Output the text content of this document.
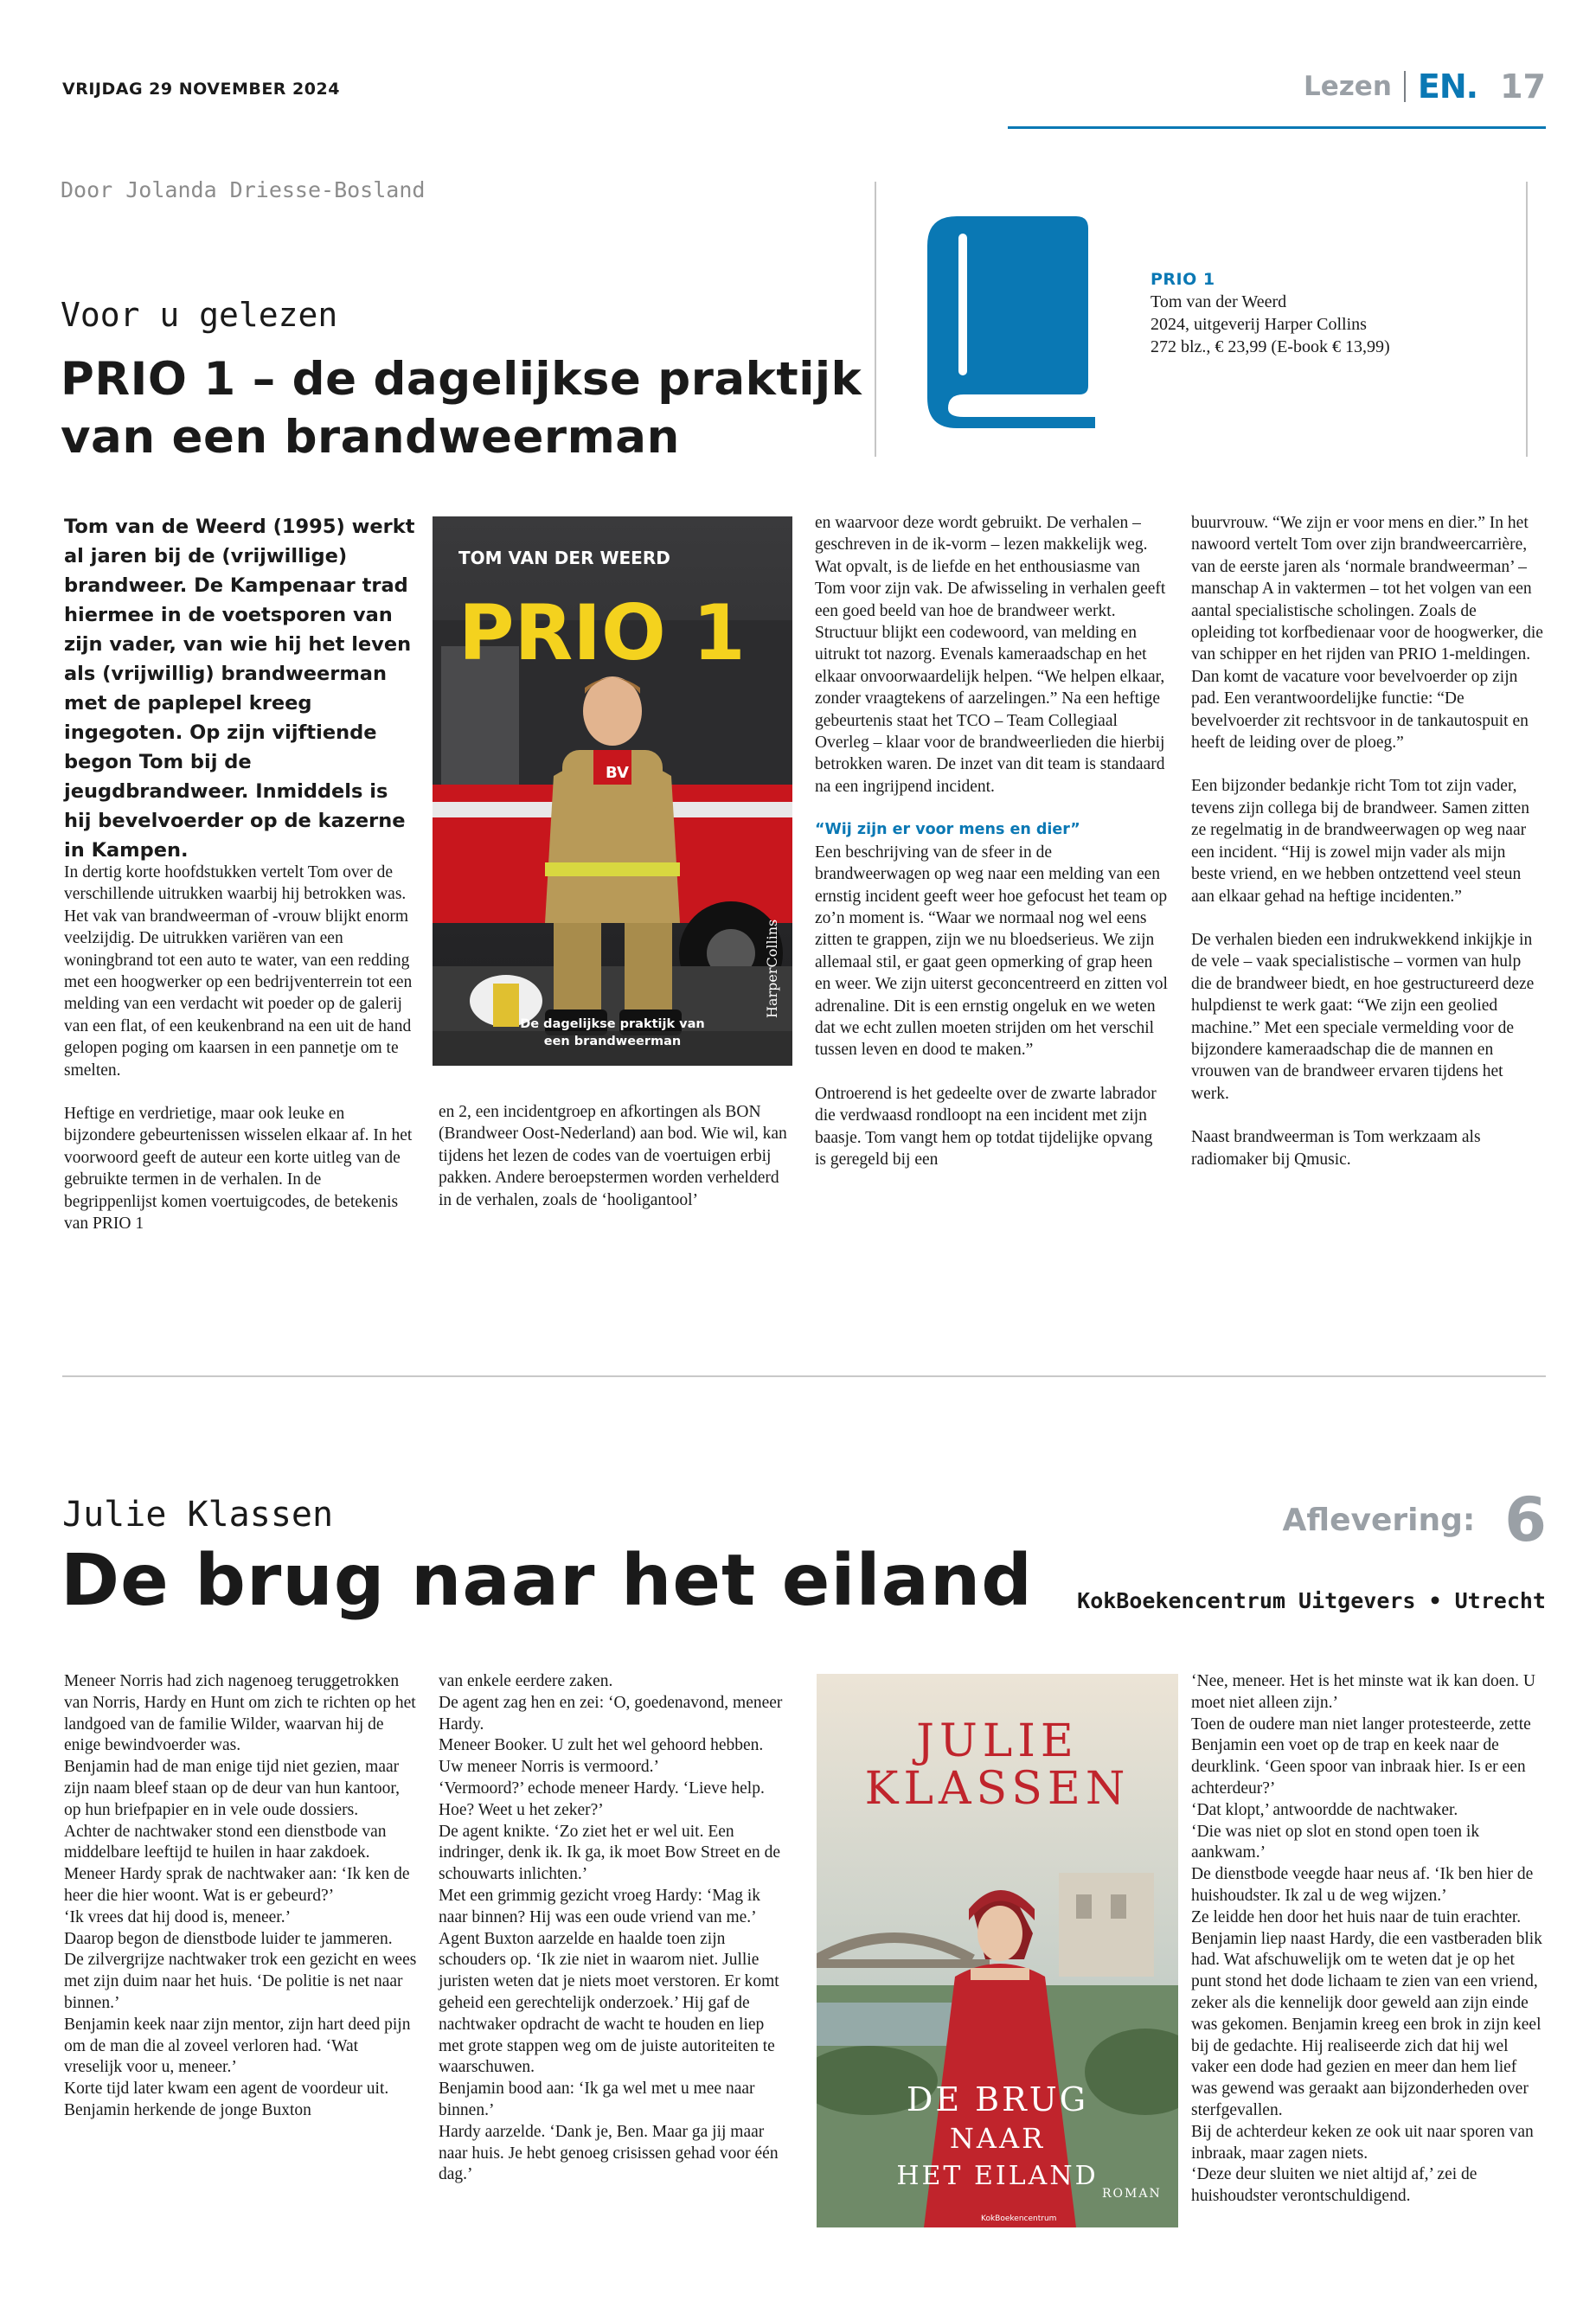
VRIJDAG 29 NOVEMBER 2024	Lezen EN. 17
Door Jolanda Driesse-Bosland
Voor u gelezen
PRIO 1 – de dagelijkse praktijk van een brandweerman
PRIO 1
Tom van der Weerd
2024, uitgeverij Harper Collins
272 blz., € 23,99 (E-book € 13,99)
Tom van de Weerd (1995) werkt al jaren bij de (vrijwillige) brandweer. De Kampenaar trad hiermee in de voetsporen van zijn vader, van wie hij het leven als (vrijwillig) brandweerman met de paplepel kreeg ingegoten. Op zijn vijftiende begon Tom bij de jeugdbrandweer. Inmiddels is hij bevelvoerder op de kazerne in Kampen.

In dertig korte hoofdstukken vertelt Tom over de verschillende uitrukken waarbij hij betrokken was. Het vak van brandweerman of -vrouw blijkt enorm veelzijdig. De uitrukken variëren van een woningbrand tot een auto te water, van een redding met een hoogwerker op een bedrijventerrein tot een melding van een verdacht wit poeder op de galerij van een flat, of een keukenbrand na een uit de hand gelopen poging om kaarsen in een pannetje om te smelten.

Heftige en verdrietige, maar ook leuke en bijzondere gebeurtenissen wisselen elkaar af. In het voorwoord geeft de auteur een korte uitleg van de gebruikte termen in de verhalen. In de begrippenlijst komen voertuigcodes, de betekenis van PRIO 1

TOM VAN DER WEERD
PRIO 1
BV
HarperCollins
De dagelijkse praktijk van een brandweerman

en 2, een incidentgroep en afkortingen als BON (Brandweer Oost-Nederland) aan bod. Wie wil, kan tijdens het lezen de codes van de voertuigen erbij pakken. Andere beroepstermen worden verhelderd in de verhalen, zoals de ‘hooligantool’

en waarvoor deze wordt gebruikt. De verhalen – geschreven in de ik-vorm – lezen makkelijk weg. Wat opvalt, is de liefde en het enthousiasme van Tom voor zijn vak. De afwisseling in verhalen geeft een goed beeld van hoe de brandweer werkt. Structuur blijkt een codewoord, van melding en uitrukt tot nazorg. Evenals kameraadschap en het elkaar onvoorwaardelijk helpen. “We helpen elkaar, zonder vraagtekens of aarzelingen.” Na een heftige gebeurtenis staat het TCO – Team Collegiaal Overleg – klaar voor de brandweerlieden die hierbij betrokken waren. De inzet van dit team is standaard na een ingrijpend incident.

“Wij zijn er voor mens en dier”

Een beschrijving van de sfeer in de brandweerwagen op weg naar een melding van een ernstig incident geeft weer hoe gefocust het team op zo’n moment is. “Waar we normaal nog wel eens zitten te grappen, zijn we nu bloedserieus. We zijn allemaal stil, er gaat geen opmerking of grap heen en weer. We zijn uiterst geconcentreerd en zitten vol adrenaline. Dit is een ernstig ongeluk en we weten dat we echt zullen moeten strijden om het verschil tussen leven en dood te maken.”

Ontroerend is het gedeelte over de zwarte labrador die verdwaasd rondloopt na een incident met zijn baasje. Tom vangt hem op totdat tijdelijke opvang is geregeld bij een

buurvrouw. “We zijn er voor mens en dier.” In het nawoord vertelt Tom over zijn brandweercarrière, van de eerste jaren als ‘normale brandweerman’ – manschap A in vaktermen – tot het volgen van een aantal specialistische scholingen. Zoals de opleiding tot korfbedienaar voor de hoogwerker, die van schipper en het rijden van PRIO 1-meldingen. Dan komt de vacature voor bevelvoerder op zijn pad. Een verantwoordelijke functie: “De bevelvoerder zit rechtsvoor in de tankautospuit en heeft de leiding over de ploeg.”

Een bijzonder bedankje richt Tom tot zijn vader, tevens zijn collega bij de brandweer. Samen zitten ze regelmatig in de brandweerwagen op weg naar een incident. “Hij is zowel mijn vader als mijn beste vriend, en we hebben ontzettend veel steun aan elkaar gehad na heftige incidenten.”

De verhalen bieden een indrukwekkend inkijkje in de vele – vaak specialistische – vormen van hulp die de brandweer biedt, en hoe gestructureerd deze hulpdienst te werk gaat: “We zijn een geolied machine.” Met een speciale vermelding voor de bijzondere kameraadschap die de mannen en vrouwen van de brandweer ervaren tijdens het werk.

Naast brandweerman is Tom werkzaam als radiomaker bij Qmusic.

Julie Klassen
De brug naar het eiland
Aflevering: 6
KokBoekencentrum Uitgevers • Utrecht
Meneer Norris had zich nagenoeg teruggetrokken van Norris, Hardy en Hunt om zich te richten op het landgoed van de familie Wilder, waarvan hij de enige bewindvoerder was.
Benjamin had de man enige tijd niet gezien, maar zijn naam bleef staan op de deur van hun kantoor, op hun briefpapier en in vele oude dossiers.
Achter de nachtwaker stond een dienstbode van middelbare leeftijd te huilen in haar zakdoek.
Meneer Hardy sprak de nachtwaker aan: ‘Ik ken de heer die hier woont. Wat is er gebeurd?’
‘Ik vrees dat hij dood is, meneer.’
Daarop begon de dienstbode luider te jammeren.
De zilvergrijze nachtwaker trok een gezicht en wees met zijn duim naar het huis. ‘De politie is net naar binnen.’
Benjamin keek naar zijn mentor, zijn hart deed pijn om de man die al zoveel verloren had. ‘Wat vreselijk voor u, meneer.’
Korte tijd later kwam een agent de voordeur uit. Benjamin herkende de jonge Buxton
van enkele eerdere zaken.
De agent zag hen en zei: ‘O, goedenavond, meneer Hardy.
Meneer Booker. U zult het wel gehoord hebben. Uw meneer Norris is vermoord.’
‘Vermoord?’ echode meneer Hardy. ‘Lieve help. Hoe? Weet u het zeker?’
De agent knikte. ‘Zo ziet het er wel uit. Een indringer, denk ik. Ik ga, ik moet Bow Street en de schouwarts inlichten.’
Met een grimmig gezicht vroeg Hardy: ‘Mag ik naar binnen? Hij was een oude vriend van me.’
Agent Buxton aarzelde en haalde toen zijn schouders op. ‘Ik zie niet in waarom niet. Jullie juristen weten dat je niets moet verstoren. Er komt geheid een gerechtelijk onderzoek.’ Hij gaf de nachtwaker opdracht de wacht te houden en liep met grote stappen weg om de juiste autoriteiten te waarschuwen.
Benjamin bood aan: ‘Ik ga wel met u mee naar binnen.’
Hardy aarzelde. ‘Dank je, Ben. Maar ga jij maar naar huis. Je hebt genoeg crisissen gehad voor één dag.’
JULIE
KLASSEN
DE BRUG
NAAR
HET EILAND
ROMAN
KokBoekencentrum
‘Nee, meneer. Het is het minste wat ik kan doen. U moet niet alleen zijn.’
Toen de oudere man niet langer protesteerde, zette Benjamin een voet op de trap en keek naar de deurklink. ‘Geen spoor van inbraak hier. Is er een achterdeur?’
‘Dat klopt,’ antwoordde de nachtwaker.
‘Die was niet op slot en stond open toen ik aankwam.’
De dienstbode veegde haar neus af. ‘Ik ben hier de huishoudster. Ik zal u de weg wijzen.’
Ze leidde hen door het huis naar de tuin erachter. Benjamin liep naast Hardy, die een vastberaden blik had. Wat afschuwelijk om te weten dat je op het punt stond het dode lichaam te zien van een vriend, zeker als die kennelijk door geweld aan zijn einde was gekomen. Benjamin kreeg een brok in zijn keel bij de gedachte. Hij realiseerde zich dat hij wel vaker een dode had gezien en meer dan hem lief was gewend was geraakt aan bijzonderheden over sterfgevallen.
Bij de achterdeur keken ze ook uit naar sporen van inbraak, maar zagen niets.
‘Deze deur sluiten we niet altijd af,’ zei de huishoudster verontschuldigend.
